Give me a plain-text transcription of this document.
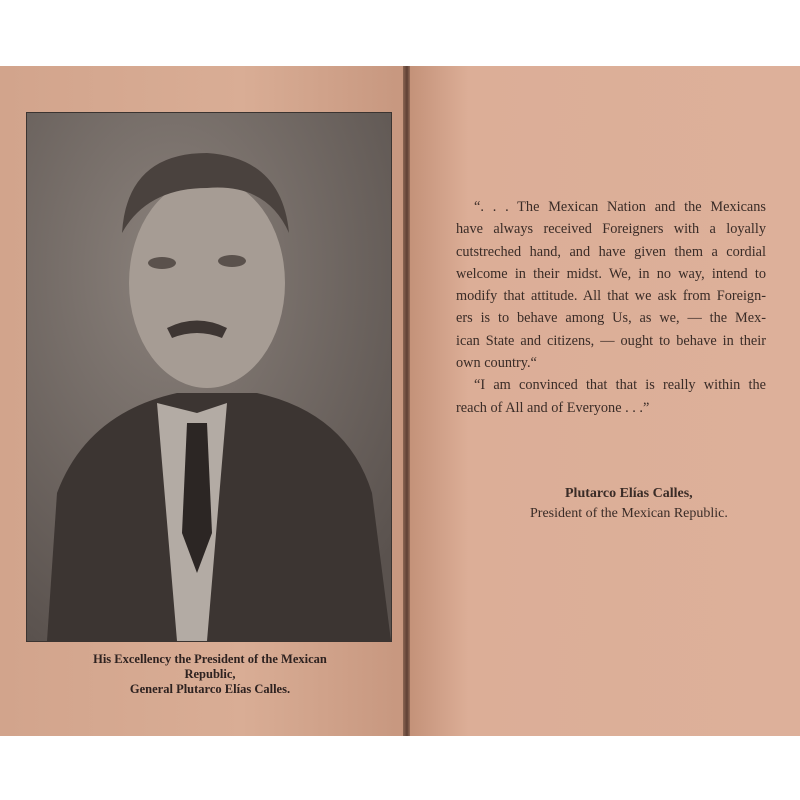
His Excellency the President of the Mexican
Republic,
General Plutarco Elías Calles.
“. . . The Mexican Nation and the Mexicans
have always received Foreigners with a loyally
cutstreched hand, and have given them a cordial
welcome in their midst. We, in no way, intend to
modify that attitude. All that we ask from Foreign-
ers is to behave among Us, as we, — the Mex-
ican State and citizens, — ought to behave in their
own country.“
“I am convinced that that is really within the
reach of All and of Everyone . . .”
Plutarco Elías Calles,
President of the Mexican Republic.
